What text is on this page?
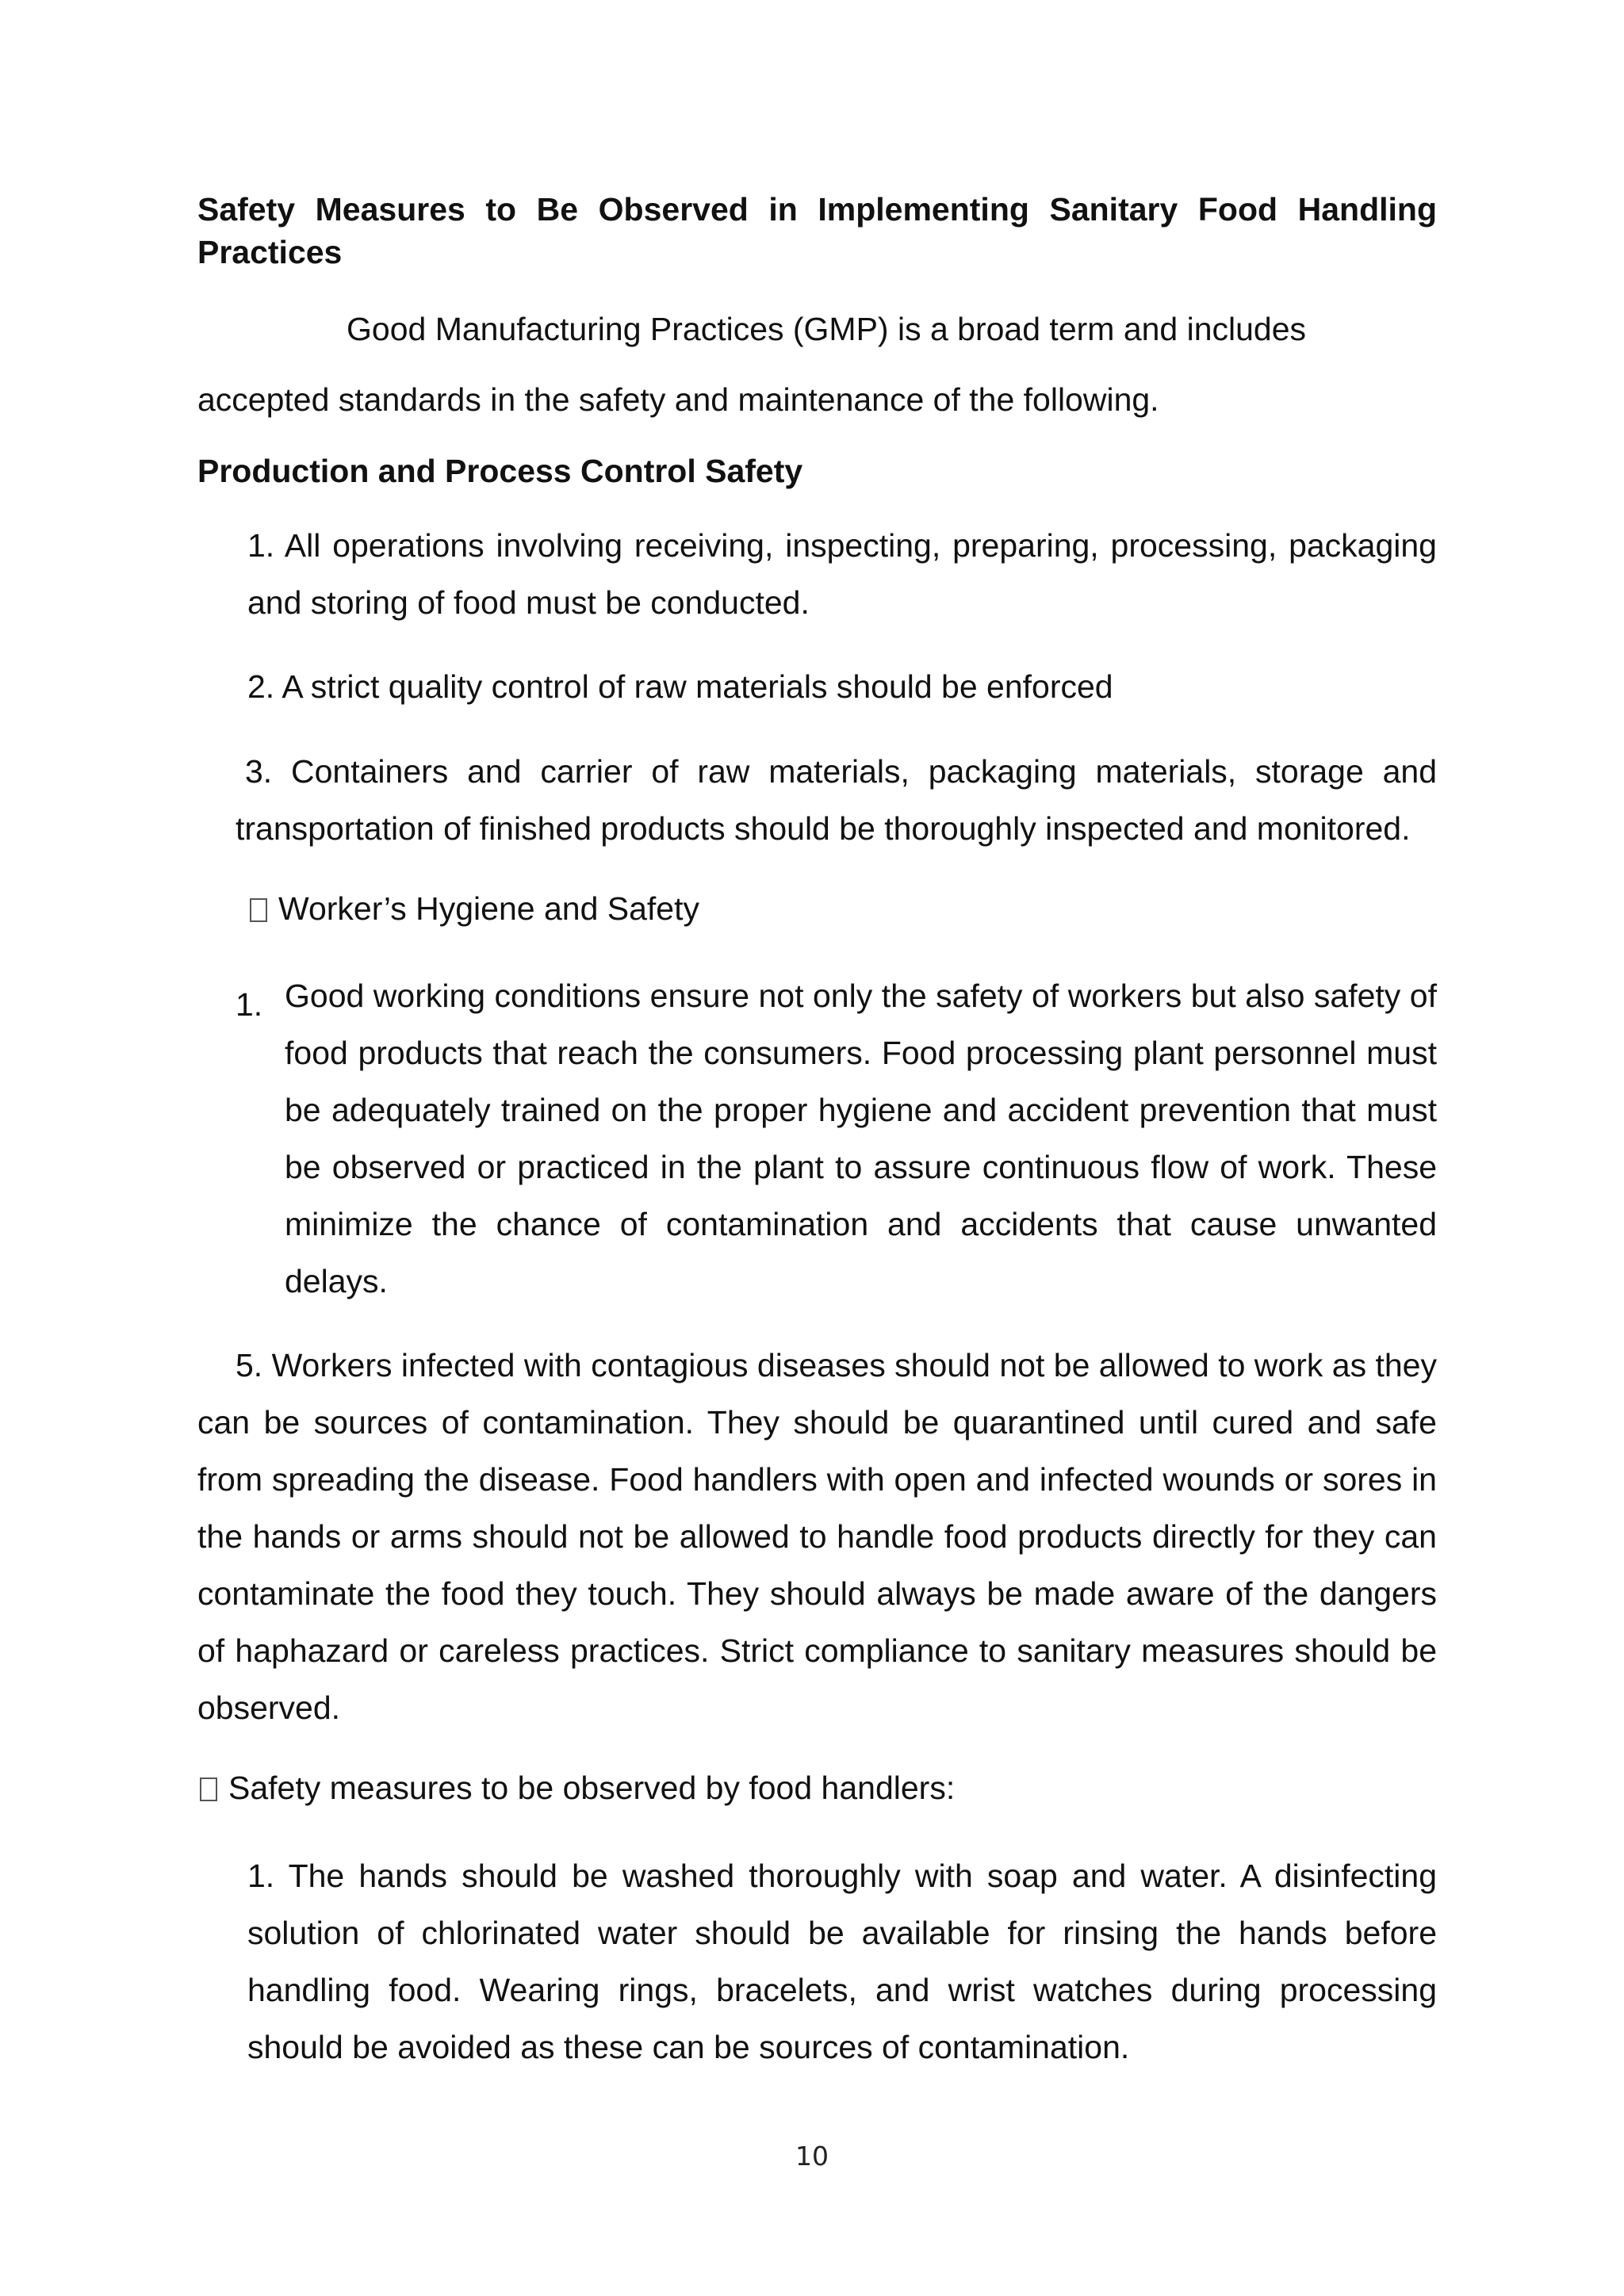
Safety Measures to Be Observed in Implementing Sanitary Food Handling
Practices
Good Manufacturing Practices (GMP) is a broad term and includes
accepted standards in the safety and maintenance of the following.
Production and Process Control Safety
1. All operations involving receiving, inspecting, preparing, processing, packaging and storing of food must be conducted.
2. A strict quality control of raw materials should be enforced
3. Containers and carrier of raw materials, packaging materials, storage and transportation of finished products should be thoroughly inspected and monitored.
Worker’s Hygiene and Safety
1. Good working conditions ensure not only the safety of workers but also safety of food products that reach the consumers. Food processing plant personnel must be adequately trained on the proper hygiene and accident prevention that must be observed or practiced in the plant to assure continuous flow of work. These minimize the chance of contamination and accidents that cause unwanted delays.
5. Workers infected with contagious diseases should not be allowed to work as they can be sources of contamination. They should be quarantined until cured and safe from spreading the disease. Food handlers with open and infected wounds or sores in the hands or arms should not be allowed to handle food products directly for they can contaminate the food they touch. They should always be made aware of the dangers of haphazard or careless practices. Strict compliance to sanitary measures should be observed.
Safety measures to be observed by food handlers:
1. The hands should be washed thoroughly with soap and water. A disinfecting solution of chlorinated water should be available for rinsing the hands before handling food. Wearing rings, bracelets, and wrist watches during processing should be avoided as these can be sources of contamination.
10
